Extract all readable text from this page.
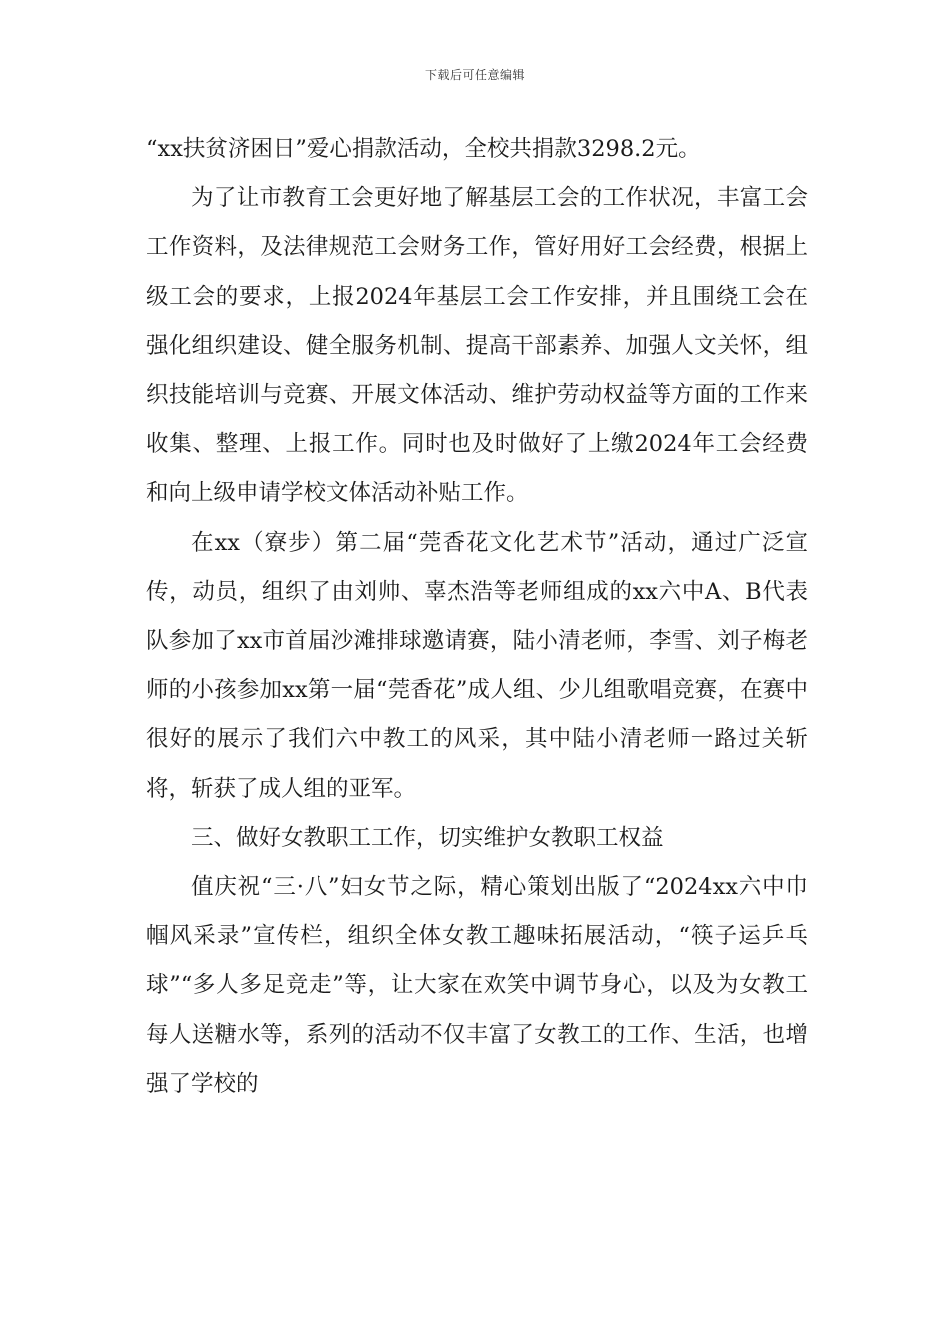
下载后可任意编辑

“xx扶贫济困日”爱心捐款活动，全校共捐款3298.2元。

为了让市教育工会更好地了解基层工会的工作状况，丰富工会工作资料，及法律规范工会财务工作，管好用好工会经费，根据上级工会的要求，上报2024年基层工会工作安排，并且围绕工会在强化组织建设、健全服务机制、提高干部素养、加强人文关怀，组织技能培训与竞赛、开展文体活动、维护劳动权益等方面的工作来收集、整理、上报工作。同时也及时做好了上缴2024年工会经费和向上级申请学校文体活动补贴工作。

在xx（寮步）第二届“莞香花文化艺术节”活动，通过广泛宣传，动员，组织了由刘帅、辜杰浩等老师组成的xx六中A、B代表队参加了xx市首届沙滩排球邀请赛，陆小清老师，李雪、刘子梅老师的小孩参加xx第一届“莞香花”成人组、少儿组歌唱竞赛，在赛中很好的展示了我们六中教工的风采，其中陆小清老师一路过关斩将，斩获了成人组的亚军。

三、做好女教职工工作，切实维护女教职工权益

值庆祝“三·八”妇女节之际，精心策划出版了“2024xx六中巾帼风采录”宣传栏，组织全体女教工趣味拓展活动，“筷子运乒乓球”“多人多足竞走”等，让大家在欢笑中调节身心，以及为女教工每人送糖水等，系列的活动不仅丰富了女教工的工作、生活，也增强了学校的
